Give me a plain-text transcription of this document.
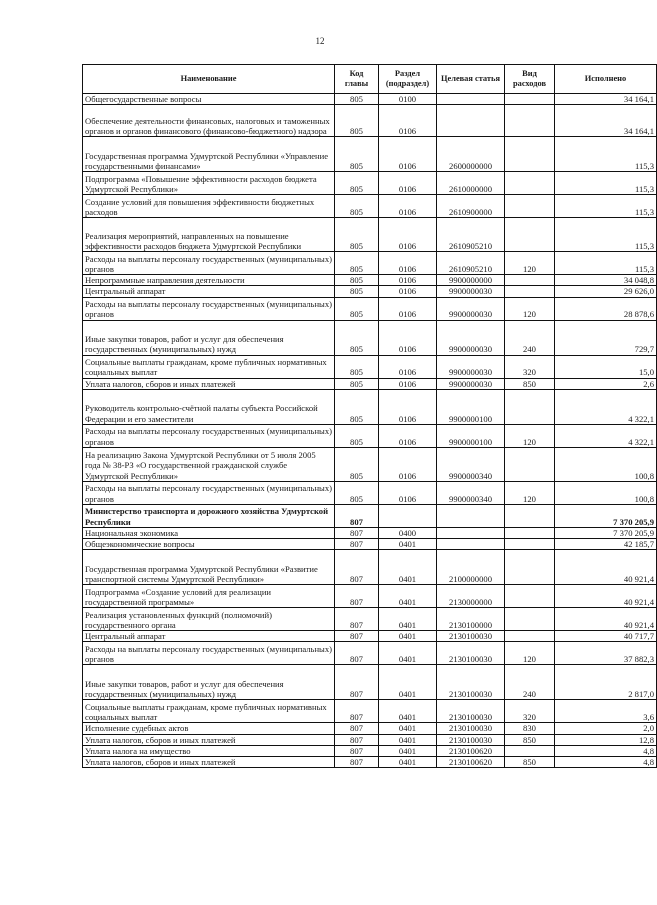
12
Наименование	Код главы	Раздел (подраздел)	Целевая статья	Вид расходов	Исполнено
Общегосударственные вопросы	805	0100			34 164,1
Обеспечение деятельности финансовых, налоговых и таможенных органов и органов финансового (финансово-бюджетного) надзора	805	0106			34 164,1
Государственная программа Удмуртской Республики «Управление государственными финансами»	805	0106	2600000000		115,3
Подпрограмма «Повышение эффективности расходов бюджета Удмуртской Республики»	805	0106	2610000000		115,3
Создание условий для повышения эффективности бюджетных расходов	805	0106	2610900000		115,3
Реализация мероприятий, направленных на повышение эффективности расходов бюджета Удмуртской Республики	805	0106	2610905210		115,3
Расходы на выплаты персоналу государственных (муниципальных) органов	805	0106	2610905210	120	115,3
Непрограммные направления деятельности	805	0106	9900000000		34 048,8
Центральный аппарат	805	0106	9900000030		29 626,0
Расходы на выплаты персоналу государственных (муниципальных) органов	805	0106	9900000030	120	28 878,6
Иные закупки товаров, работ и услуг для обеспечения государственных (муниципальных) нужд	805	0106	9900000030	240	729,7
Социальные выплаты гражданам, кроме публичных нормативных социальных выплат	805	0106	9900000030	320	15,0
Уплата налогов, сборов и иных платежей	805	0106	9900000030	850	2,6
Руководитель контрольно-счётной палаты субъекта Российской Федерации и его заместители	805	0106	9900000100		4 322,1
Расходы на выплаты персоналу государственных (муниципальных) органов	805	0106	9900000100	120	4 322,1
На реализацию Закона Удмуртской Республики от 5 июля 2005 года № 38-РЗ «О государственной гражданской службе Удмуртской Республики»	805	0106	9900000340		100,8
Расходы на выплаты персоналу государственных (муниципальных) органов	805	0106	9900000340	120	100,8
Министерство транспорта и дорожного хозяйства Удмуртской Республики	807				7 370 205,9
Национальная экономика	807	0400			7 370 205,9
Общеэкономические вопросы	807	0401			42 185,7
Государственная программа Удмуртской Республики «Развитие транспортной системы Удмуртской Республики»	807	0401	2100000000		40 921,4
Подпрограмма «Создание условий для реализации государственной программы»	807	0401	2130000000		40 921,4
Реализация установленных функций (полномочий) государственного органа	807	0401	2130100000		40 921,4
Центральный аппарат	807	0401	2130100030		40 717,7
Расходы на выплаты персоналу государственных (муниципальных) органов	807	0401	2130100030	120	37 882,3
Иные закупки товаров, работ и услуг для обеспечения государственных (муниципальных) нужд	807	0401	2130100030	240	2 817,0
Социальные выплаты гражданам, кроме публичных нормативных социальных выплат	807	0401	2130100030	320	3,6
Исполнение судебных актов	807	0401	2130100030	830	2,0
Уплата налогов, сборов и иных платежей	807	0401	2130100030	850	12,8
Уплата налога на имущество	807	0401	2130100620		4,8
Уплата налогов, сборов и иных платежей	807	0401	2130100620	850	4,8
